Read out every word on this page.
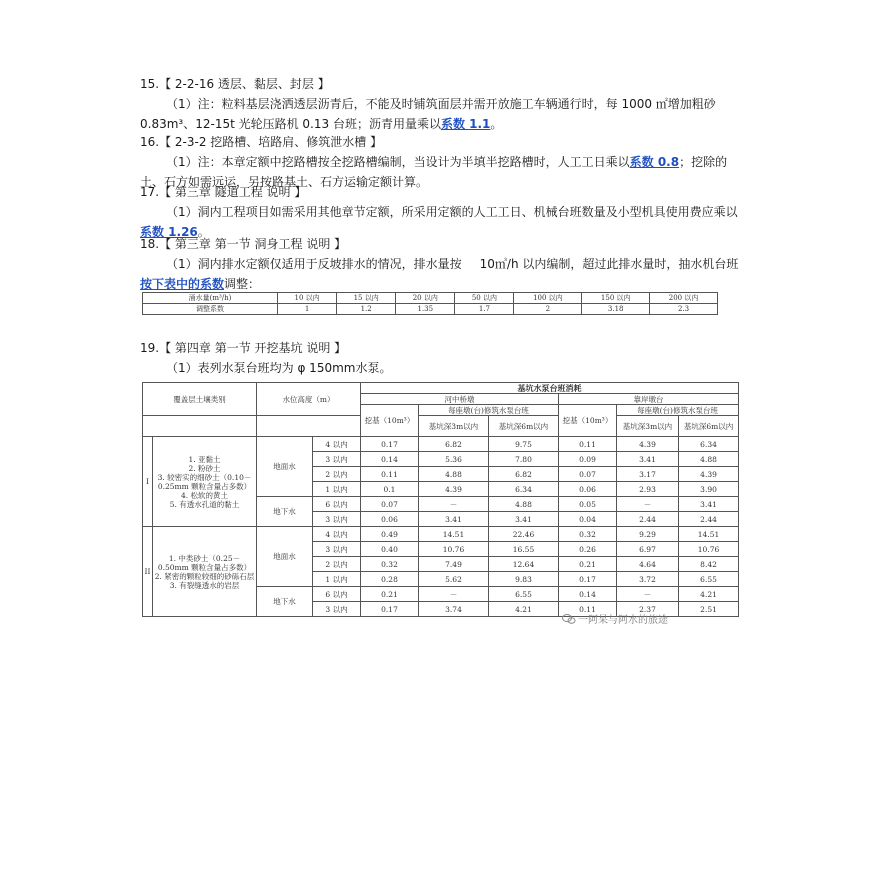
15.【 2-2-16 透层、黏层、封层 】
（1）注：粒料基层浇洒透层沥青后，不能及时铺筑面层并需开放施工车辆通行时，每 1000 ㎡增加粗砂 0.83m³、12-15t 光轮压路机 0.13 台班；沥青用量乘以系数 1.1。
16.【 2-3-2 挖路槽、培路肩、修筑泄水槽 】
（1）注：本章定额中挖路槽按全挖路槽编制，当设计为半填半挖路槽时，人工工日乘以系数 0.8；挖除的土、石方如需远运，另按路基土、石方运输定额计算。
17.【 第三章 隧道工程 说明 】
（1）洞内工程项目如需采用其他章节定额，所采用定额的人工工日、机械台班数量及小型机具使用费应乘以系数 1.26。
18.【 第三章 第一节 洞身工程 说明 】
（1）洞内排水定额仅适用于反坡排水的情况，排水量按 10㎥/h 以内编制，超过此排水量时，抽水机台班按下表中的系数调整：
涌水量(m³/h)	10 以内	15 以内	20 以内	50 以内	100 以内	150 以内	200 以内
调整系数	1	1.2	1.35	1.7	2	3.18	2.3
19.【 第四章 第一节 开挖基坑 说明 】
（1）表列水泵台班均为 φ 150mm水泵。
覆盖层土壤类别		水位高度（m）		基坑水泵台班消耗					
				河中桥墩			靠岸墩台		
				挖基（10m³）	每座墩(台)修筑水泵台班		挖基（10m³）	每座墩(台)修筑水泵台班	
					基坑深3m以内	基坑深6m以内		基坑深3m以内	基坑深6m以内
I	1. 亚黏土
2. 粉砂土
3. 较密实的细砂土（0.10－0.25mm 颗粒含量占多数）
4. 松软的黄土
5. 有透水孔道的黏土	地面水	4 以内	0.17	6.82	9.75	0.11	4.39	6.34
			3 以内	0.14	5.36	7.80	0.09	3.41	4.88
			2 以内	0.11	4.88	6.82	0.07	3.17	4.39
			1 以内	0.1	4.39	6.34	0.06	2.93	3.90
		地下水	6 以内	0.07	－	4.88	0.05	－	3.41
			3 以内	0.06	3.41	3.41	0.04	2.44	2.44
II	1. 中类砂土（0.25－0.50mm 颗粒含量占多数）
2. 紧密的颗粒较细的砂砾石层
3. 有裂缝透水的岩层	地面水	4 以内	0.49	14.51	22.46	0.32	9.29	14.51
			3 以内	0.40	10.76	16.55	0.26	6.97	10.76
			2 以内	0.32	7.49	12.64	0.21	4.64	8.42
			1 以内	0.28	5.62	9.83	0.17	3.72	6.55
		地下水	6 以内	0.21	－	6.55	0.14	－	4.21
			3 以内	0.17	3.74	4.21	0.11	2.37	2.51
一阿呆与阿水的旅途
